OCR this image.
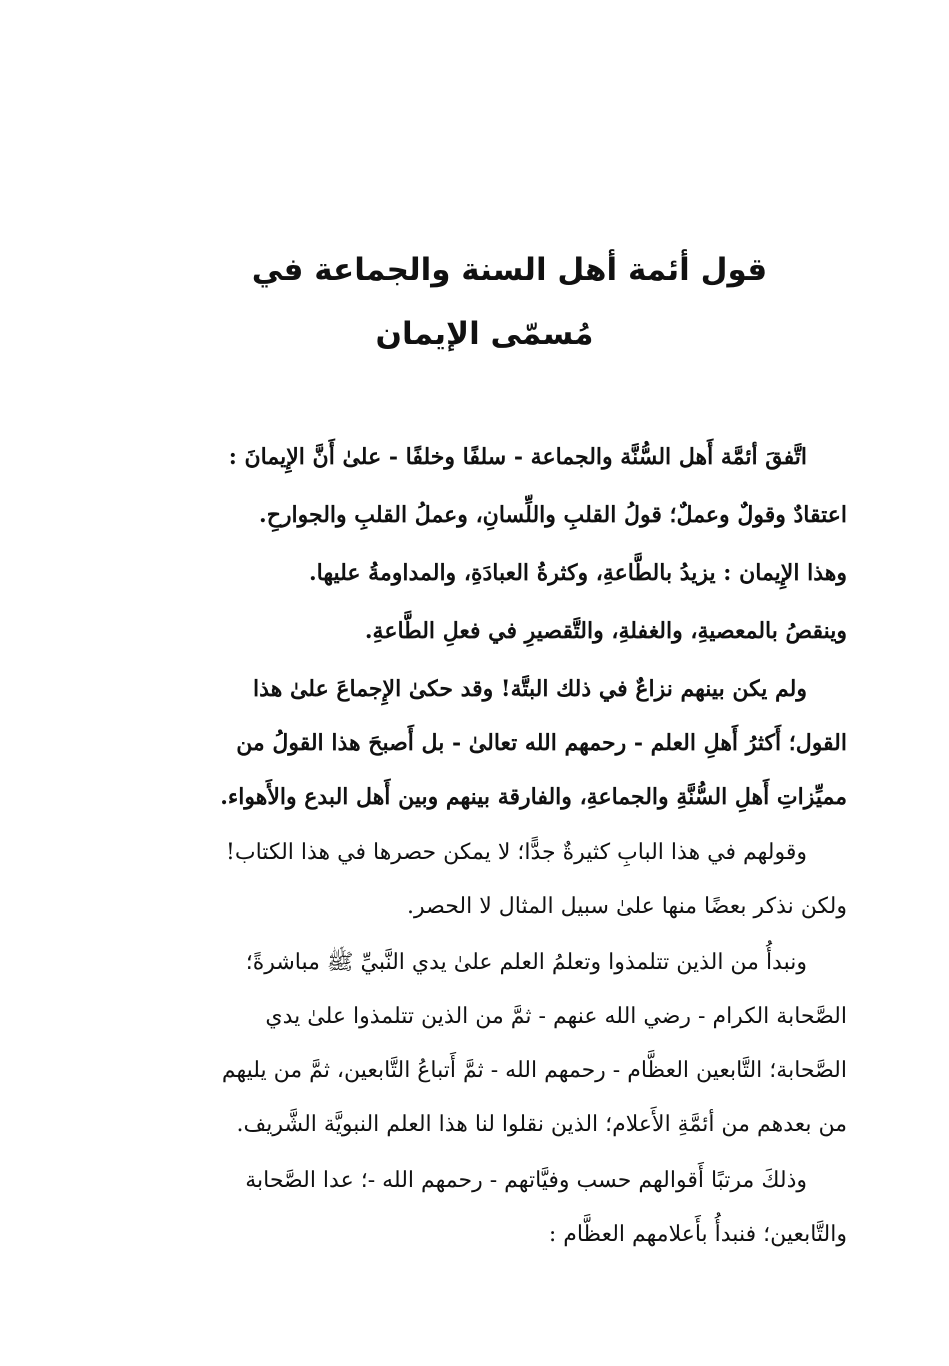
قول أئمة أهل السنة والجماعة في
مُسمّى الإيمان
اتَّفقَ أئمَّة أَهل السُّنَّة والجماعة - سلفًا وخلفًا - علىٰ أَنَّ الإِيمانَ :
اعتقادٌ وقولٌ وعملٌ؛ قولُ القلبِ واللِّسانِ، وعملُ القلبِ والجوارحِ.
وهذا الإِيمان : يزيدُ بالطَّاعةِ، وكثرةُ العبادَةِ، والمداومةُ عليها.
وينقصُ بالمعصيةِ، والغفلةِ، والتَّقصيرِ في فعلِ الطَّاعةِ.
ولم يكن بينهم نزاعٌ في ذلك البتَّة! وقد حكىٰ الإِجماعَ علىٰ هذا
القول؛ أَكثرُ أَهلِ العلم - رحمهم الله تعالىٰ - بل أَصبحَ هذا القولُ من
مميِّزاتِ أَهلِ السُّنَّةِ والجماعةِ، والفارقة بينهم وبين أَهل البدع والأَهواء.
وقولهم في هذا البابِ كثيرةٌ جدًّا؛ لا يمكن حصرها في هذا الكتاب!
ولكن نذكر بعضًا منها علىٰ سبيل المثال لا الحصر.
ونبدأُ من الذين تتلمذوا وتعلمُ العلم علىٰ يدي النَّبيِّ ﷺ مباشرةً؛
الصَّحابة الكرام - رضي الله عنهم - ثمَّ من الذين تتلمذوا علىٰ يدي
الصَّحابة؛ التَّابعين العظَّام - رحمهم الله - ثمَّ أَتباعُ التَّابعين، ثمَّ من يليهم
من بعدهم من أئمَّةِ الأَعلام؛ الذين نقلوا لنا هذا العلم النبويَّة الشَّريف.
وذلكَ مرتبًا أَقوالهم حسب وفيَّاتهم - رحمهم الله -؛ عدا الصَّحابة
والتَّابعين؛ فنبدأُ بأَعلامهم العظَّام :
